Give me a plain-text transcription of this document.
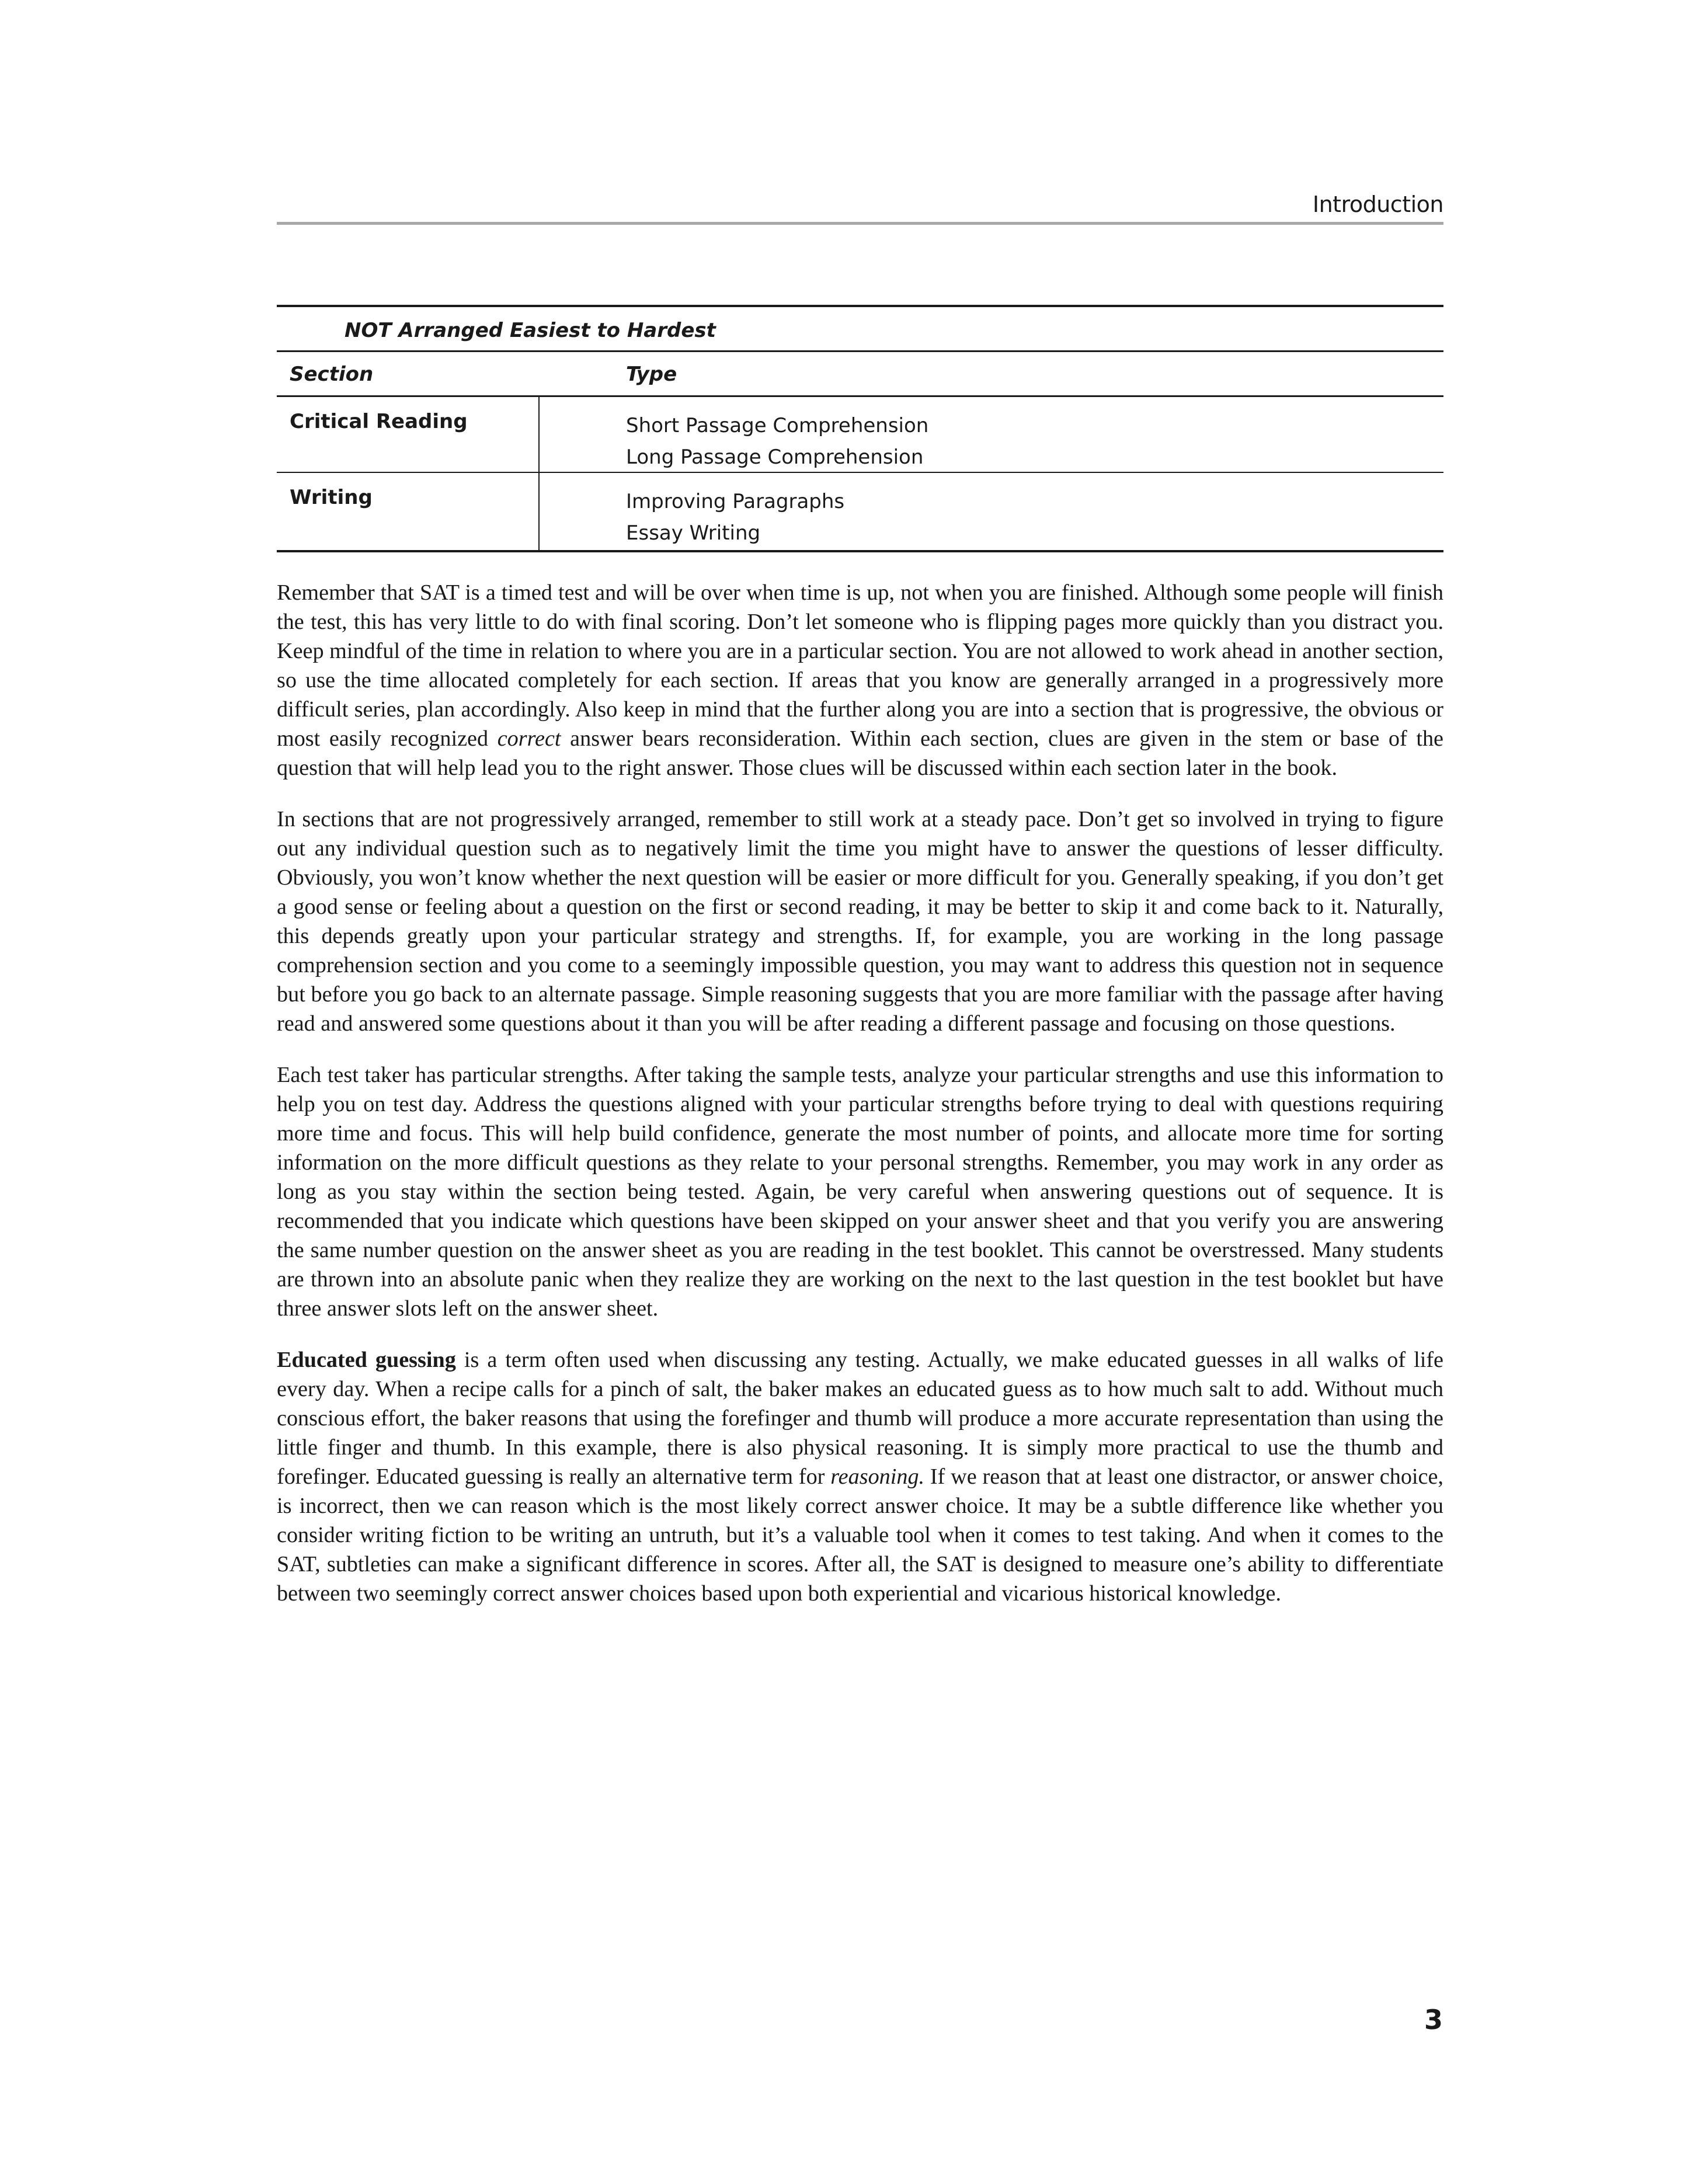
Introduction
NOT Arranged Easiest to Hardest
Section	Type
Critical Reading	Short Passage Comprehension
Long Passage Comprehension
Writing	Improving Paragraphs
Essay Writing

Remember that SAT is a timed test and will be over when time is up, not when you are finished. Although some people will finish the test, this has very little to do with final scoring. Don’t let someone who is flipping pages more quickly than you distract you. Keep mindful of the time in relation to where you are in a particular section. You are not allowed to work ahead in another section, so use the time allocated completely for each section. If areas that you know are generally arranged in a progressively more difficult series, plan accordingly. Also keep in mind that the further along you are into a section that is progressive, the obvious or most easily recognized correct answer bears reconsideration. Within each section, clues are given in the stem or base of the question that will help lead you to the right answer. Those clues will be discussed within each section later in the book.

In sections that are not progressively arranged, remember to still work at a steady pace. Don’t get so involved in trying to figure out any individual question such as to negatively limit the time you might have to answer the questions of lesser difficulty. Obviously, you won’t know whether the next question will be easier or more difficult for you. Generally speaking, if you don’t get a good sense or feeling about a question on the first or second reading, it may be better to skip it and come back to it. Naturally, this depends greatly upon your particular strategy and strengths. If, for example, you are working in the long passage comprehension section and you come to a seemingly impossible question, you may want to address this question not in sequence but before you go back to an alternate passage. Simple reasoning suggests that you are more familiar with the passage after having read and answered some questions about it than you will be after reading a different passage and focusing on those questions.

Each test taker has particular strengths. After taking the sample tests, analyze your particular strengths and use this information to help you on test day. Address the questions aligned with your particular strengths before trying to deal with questions requiring more time and focus. This will help build confidence, generate the most number of points, and allocate more time for sorting information on the more difficult questions as they relate to your personal strengths. Remember, you may work in any order as long as you stay within the section being tested. Again, be very careful when answering questions out of sequence. It is recommended that you indicate which questions have been skipped on your answer sheet and that you verify you are answering the same number question on the answer sheet as you are reading in the test booklet. This cannot be overstressed. Many students are thrown into an absolute panic when they realize they are working on the next to the last question in the test booklet but have three answer slots left on the answer sheet.

Educated guessing is a term often used when discussing any testing. Actually, we make educated guesses in all walks of life every day. When a recipe calls for a pinch of salt, the baker makes an educated guess as to how much salt to add. Without much conscious effort, the baker reasons that using the forefinger and thumb will produce a more accurate representation than using the little finger and thumb. In this example, there is also physical reasoning. It is simply more practical to use the thumb and forefinger. Educated guessing is really an alternative term for reasoning. If we reason that at least one distractor, or answer choice, is incorrect, then we can reason which is the most likely correct answer choice. It may be a subtle difference like whether you consider writing fiction to be writing an untruth, but it’s a valuable tool when it comes to test taking. And when it comes to the SAT, subtleties can make a significant difference in scores. After all, the SAT is designed to measure one’s ability to differentiate between two seemingly correct answer choices based upon both experiential and vicarious historical knowledge.

3
